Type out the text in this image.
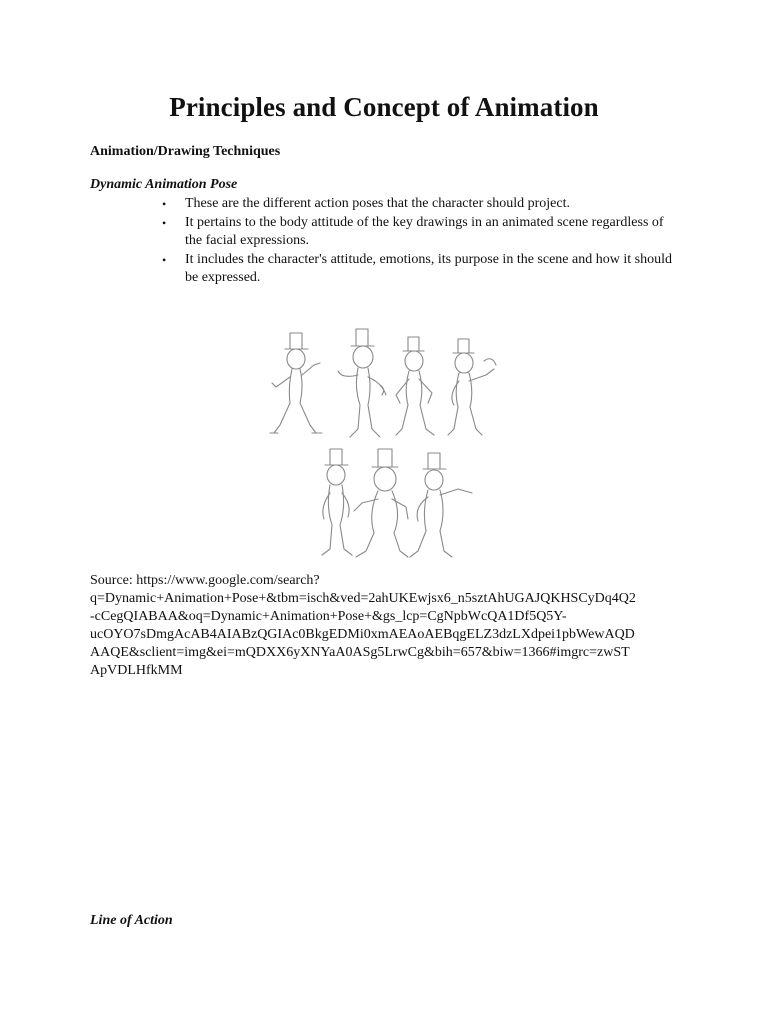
Principles and Concept of Animation
Animation/Drawing Techniques
Dynamic Animation Pose
• These are the different action poses that the character should project.
• It pertains to the body attitude of the key drawings in an animated scene regardless of the facial expressions.
• It includes the character's attitude, emotions, its purpose in the scene and how it should be expressed.
Source: https://www.google.com/search?
q=Dynamic+Animation+Pose+&tbm=isch&ved=2ahUKEwjsx6_n5sztAhUGAJQKHSCyDq4Q2
-cCegQIABAA&oq=Dynamic+Animation+Pose+&gs_lcp=CgNpbWcQA1Df5Q5Y-
ucOYO7sDmgAcAB4AIABzQGIAc0BkgEDMi0xmAEAoAEBqgELZ3dzLXdpei1pbWewAQD
AAQE&sclient=img&ei=mQDXX6yXNYaA0ASg5LrwCg&bih=657&biw=1366#imgrc=zwST
ApVDLHfkMM
Line of Action
